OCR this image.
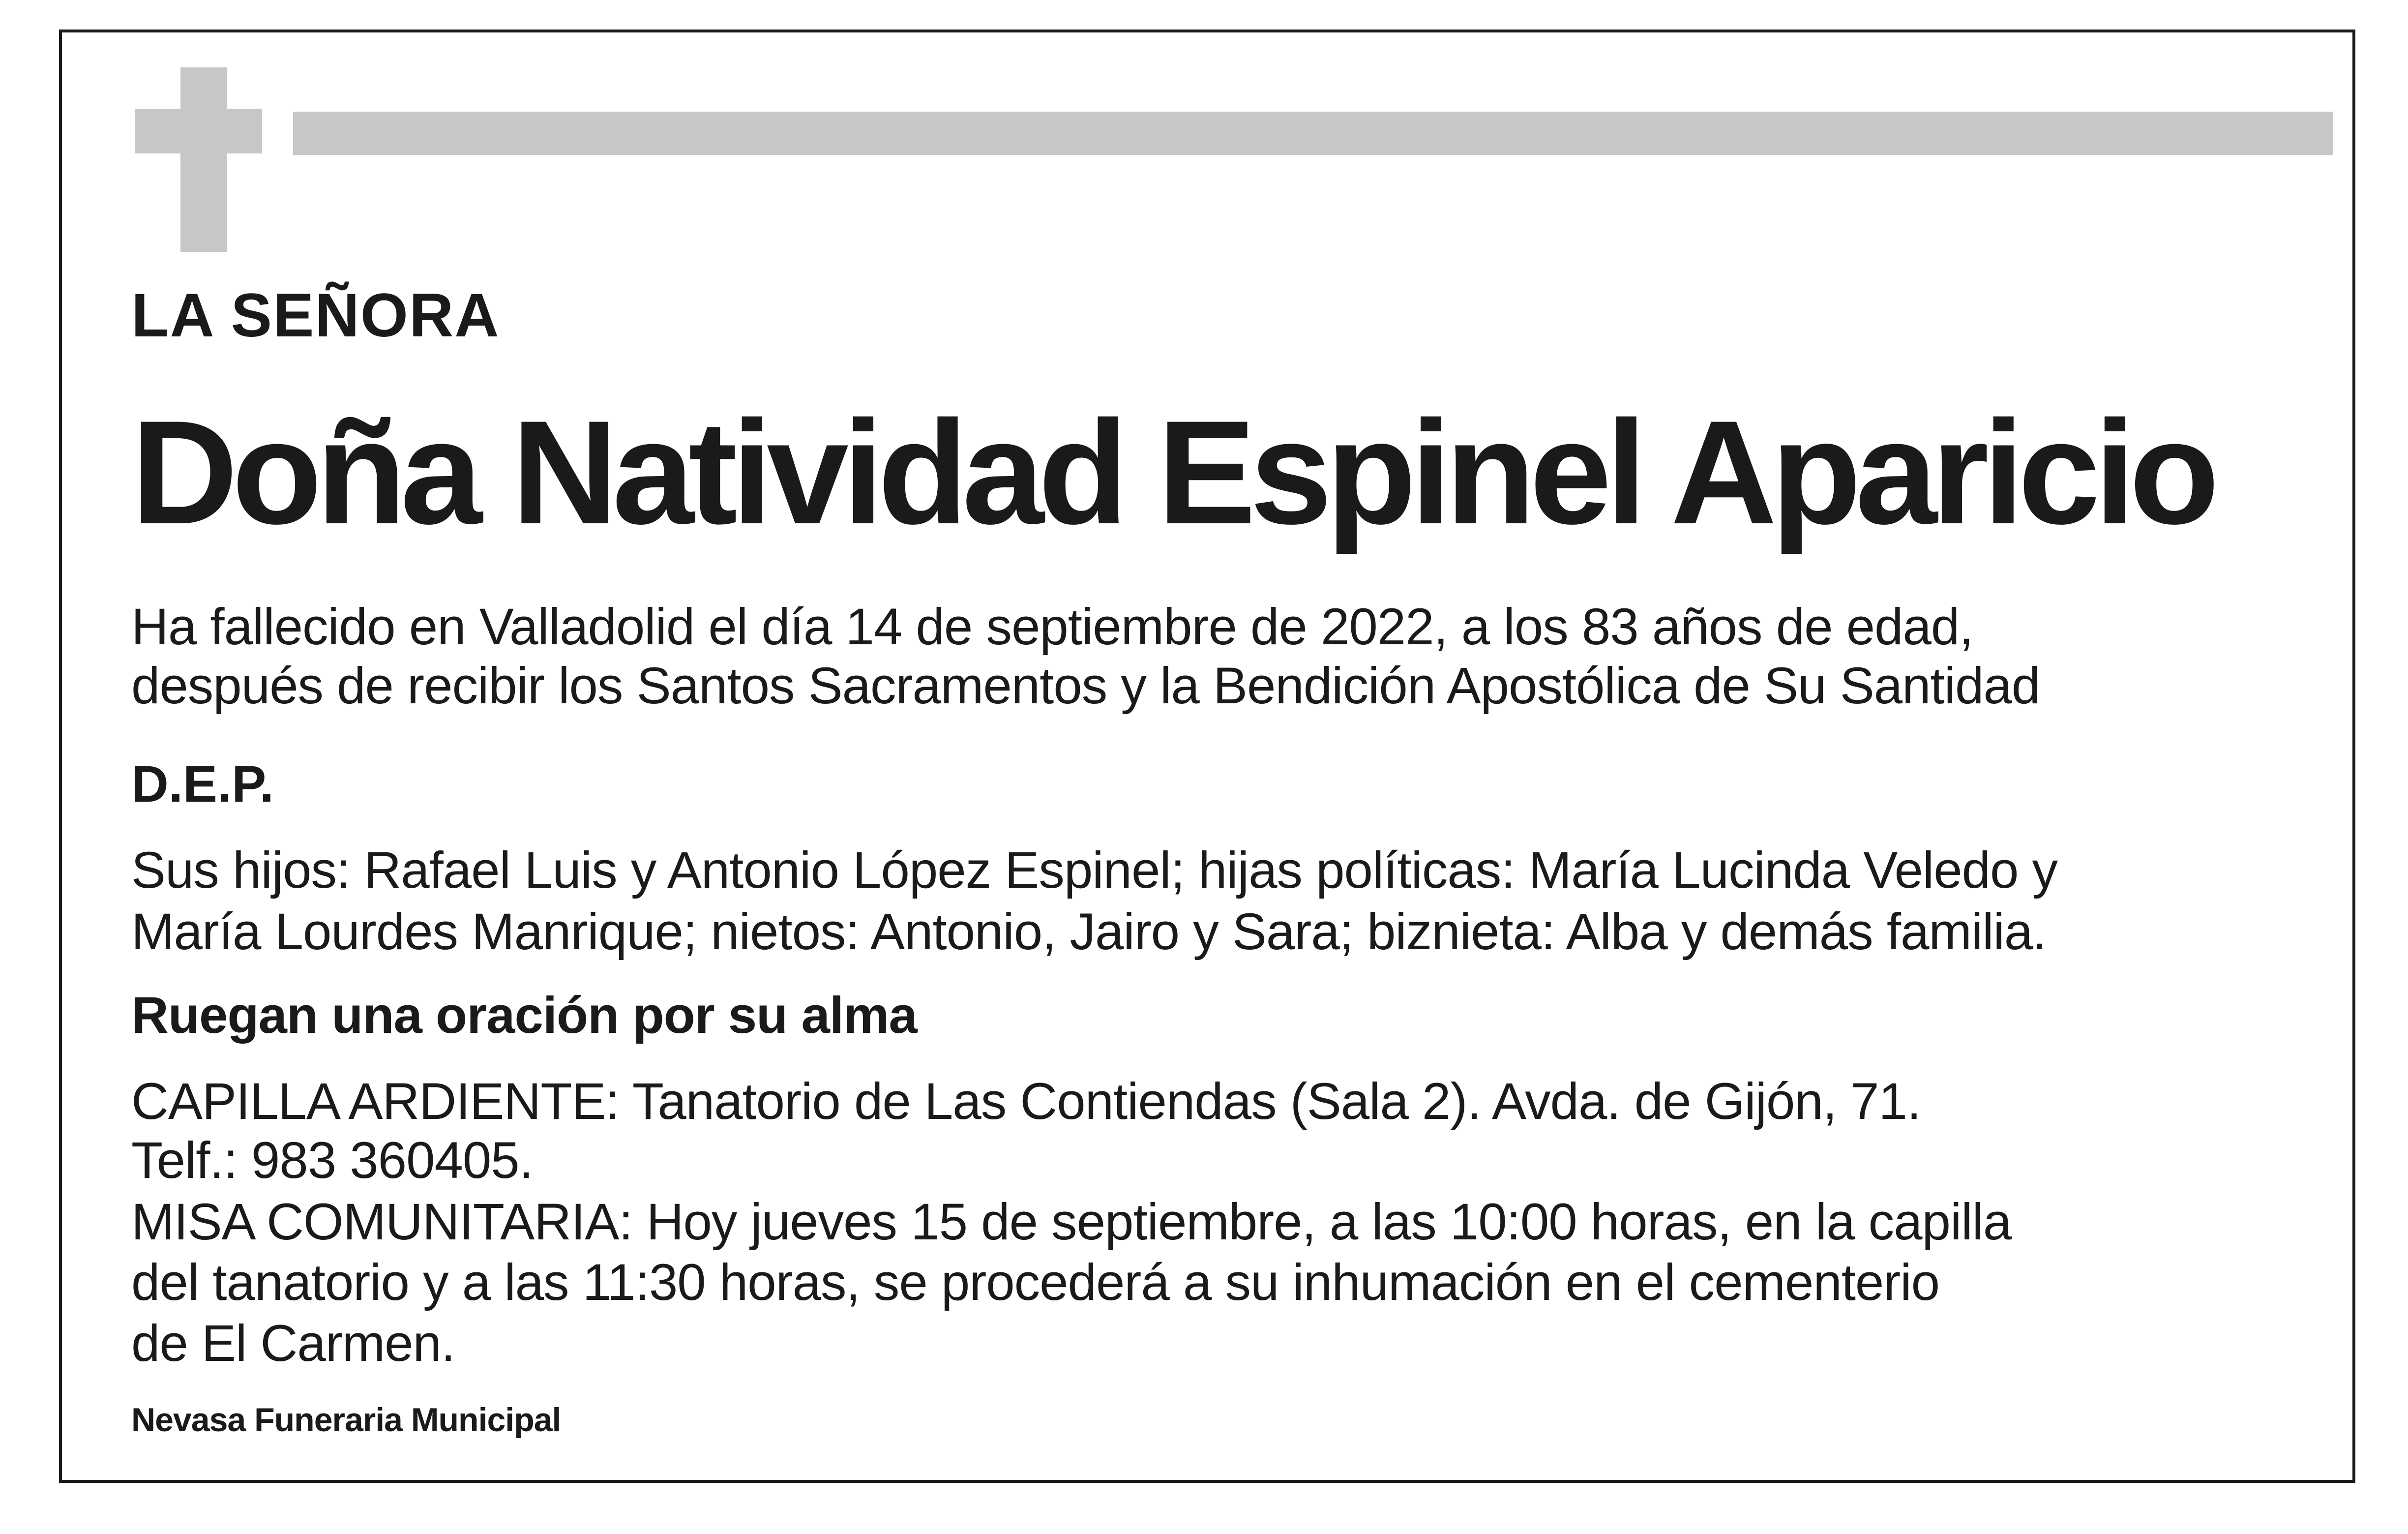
LA SEÑORA

Doña Natividad Espinel Aparicio

Ha fallecido en Valladolid el día 14 de septiembre de 2022, a los 83 años de edad,

después de recibir los Santos Sacramentos y la Bendición Apostólica de Su Santidad

D.E.P.

Sus hijos: Rafael Luis y Antonio López Espinel; hijas políticas: María Lucinda Veledo y

María Lourdes Manrique; nietos: Antonio, Jairo y Sara; biznieta: Alba y demás familia.

Ruegan una oración por su alma

CAPILLA ARDIENTE: Tanatorio de Las Contiendas (Sala 2). Avda. de Gijón, 71.

Telf.: 983 360405.

MISA COMUNITARIA: Hoy jueves 15 de septiembre, a las 10:00 horas, en la capilla

del tanatorio y a las 11:30 horas, se procederá a su inhumación en el cementerio

de El Carmen.

Nevasa Funeraria Municipal
